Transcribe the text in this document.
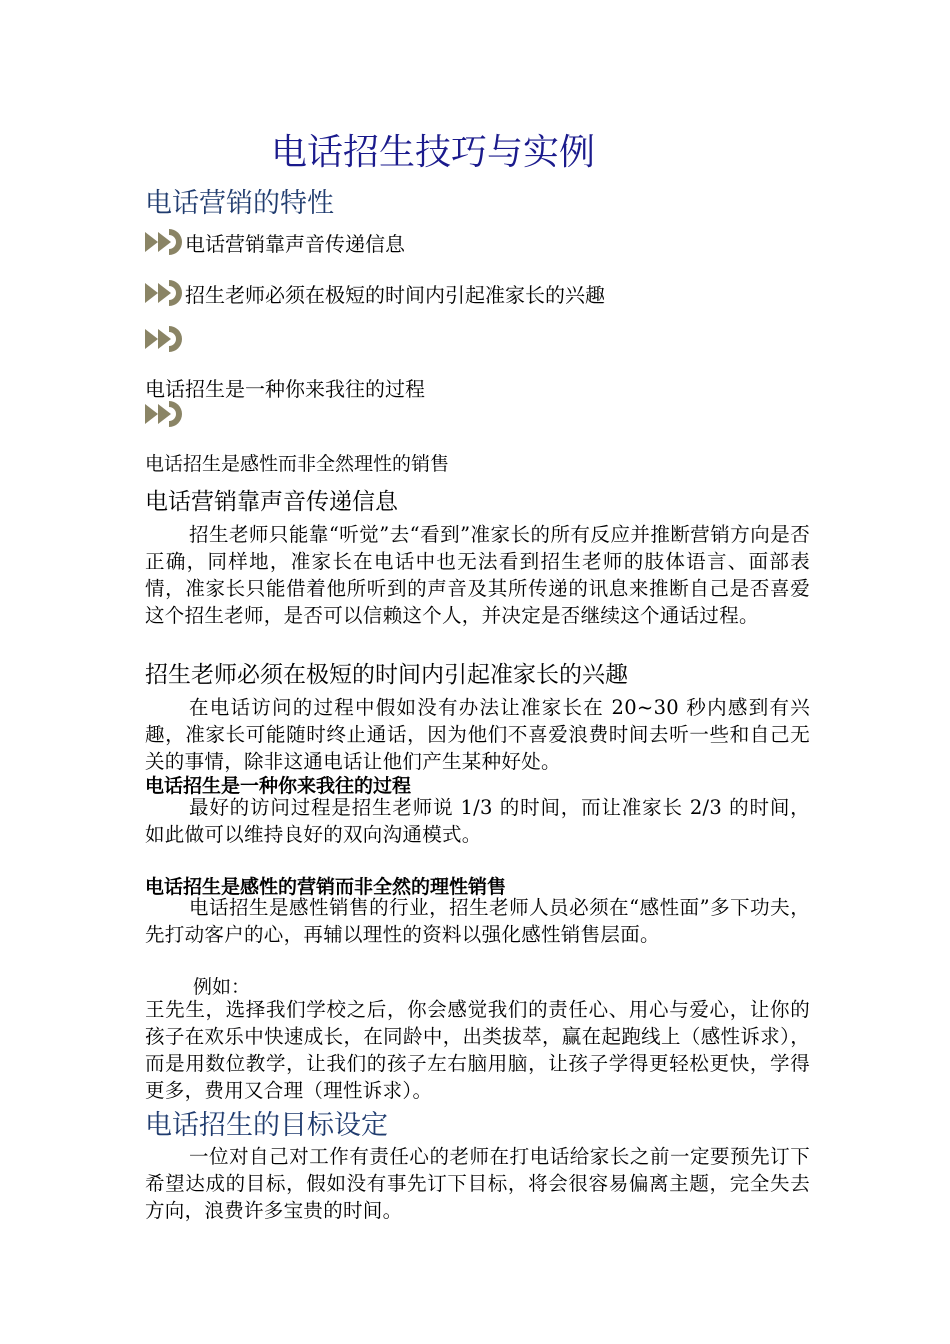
电话招生技巧与实例
电话营销的特性
电话营销靠声音传递信息
招生老师 必须在极短的时间内引起准家长的兴趣
电话招生是一种你来我往的过程
电话招生是感性而非全然理性的销售
电话营销靠声音传递信息
招生老师只能靠“听觉”去“看到”准家长的所有反应并推断营销方向是否正确，同样地，准家长在电话中也无法看到招生老师的肢体语言、面部表情，准家长只能借着他所听到的声音及其所传递的讯息来推断自己是否喜爱这个招生老师，是否可以信赖这个人，并决定是否继续这个通话过程。
招生老师必须在极短的时间内引起准家长的兴趣
在电话访问的过程中假如没有办法让准家长在 20~30 秒内感到有兴趣，准家长可能随时终止通话，因为他们不喜爱浪费时间去听一些和自己无关的事情，除非这通电话让他们产生某种好处。
电话招生是一种你来我往的过程
最好的访问过程是招生老师说 1/3 的时间，而让准家长 2/3 的时间，如此做可以维持良好的双向沟通模式。
电话招生是感性的营销而非全然的理性销售
电话招生是感性销售的行业，招生老师人员必须在“感性面”多下功夫，先打动客户的心，再辅以理性的资料以强化感性销售层面。
例如：
王先生，选择我们学校之后，你会感觉我们的责任心、用心与爱心，让你的孩子在欢乐中快速成长，在同龄中，出类拔萃，赢在起跑线上（感性诉求），而是用数位教学，让我们的孩子左右脑用脑，让孩子学得更轻松更快，学得更多，费用又合理（理性诉求）。
电话招生的目标设定
一位对自己对工作有责任心的老师在打电话给家长之前一定要预先订下希望达成的目标，假如没有事先订下目标，将会很容易偏离主题，完全失去方向，浪费许多宝贵的时间。
